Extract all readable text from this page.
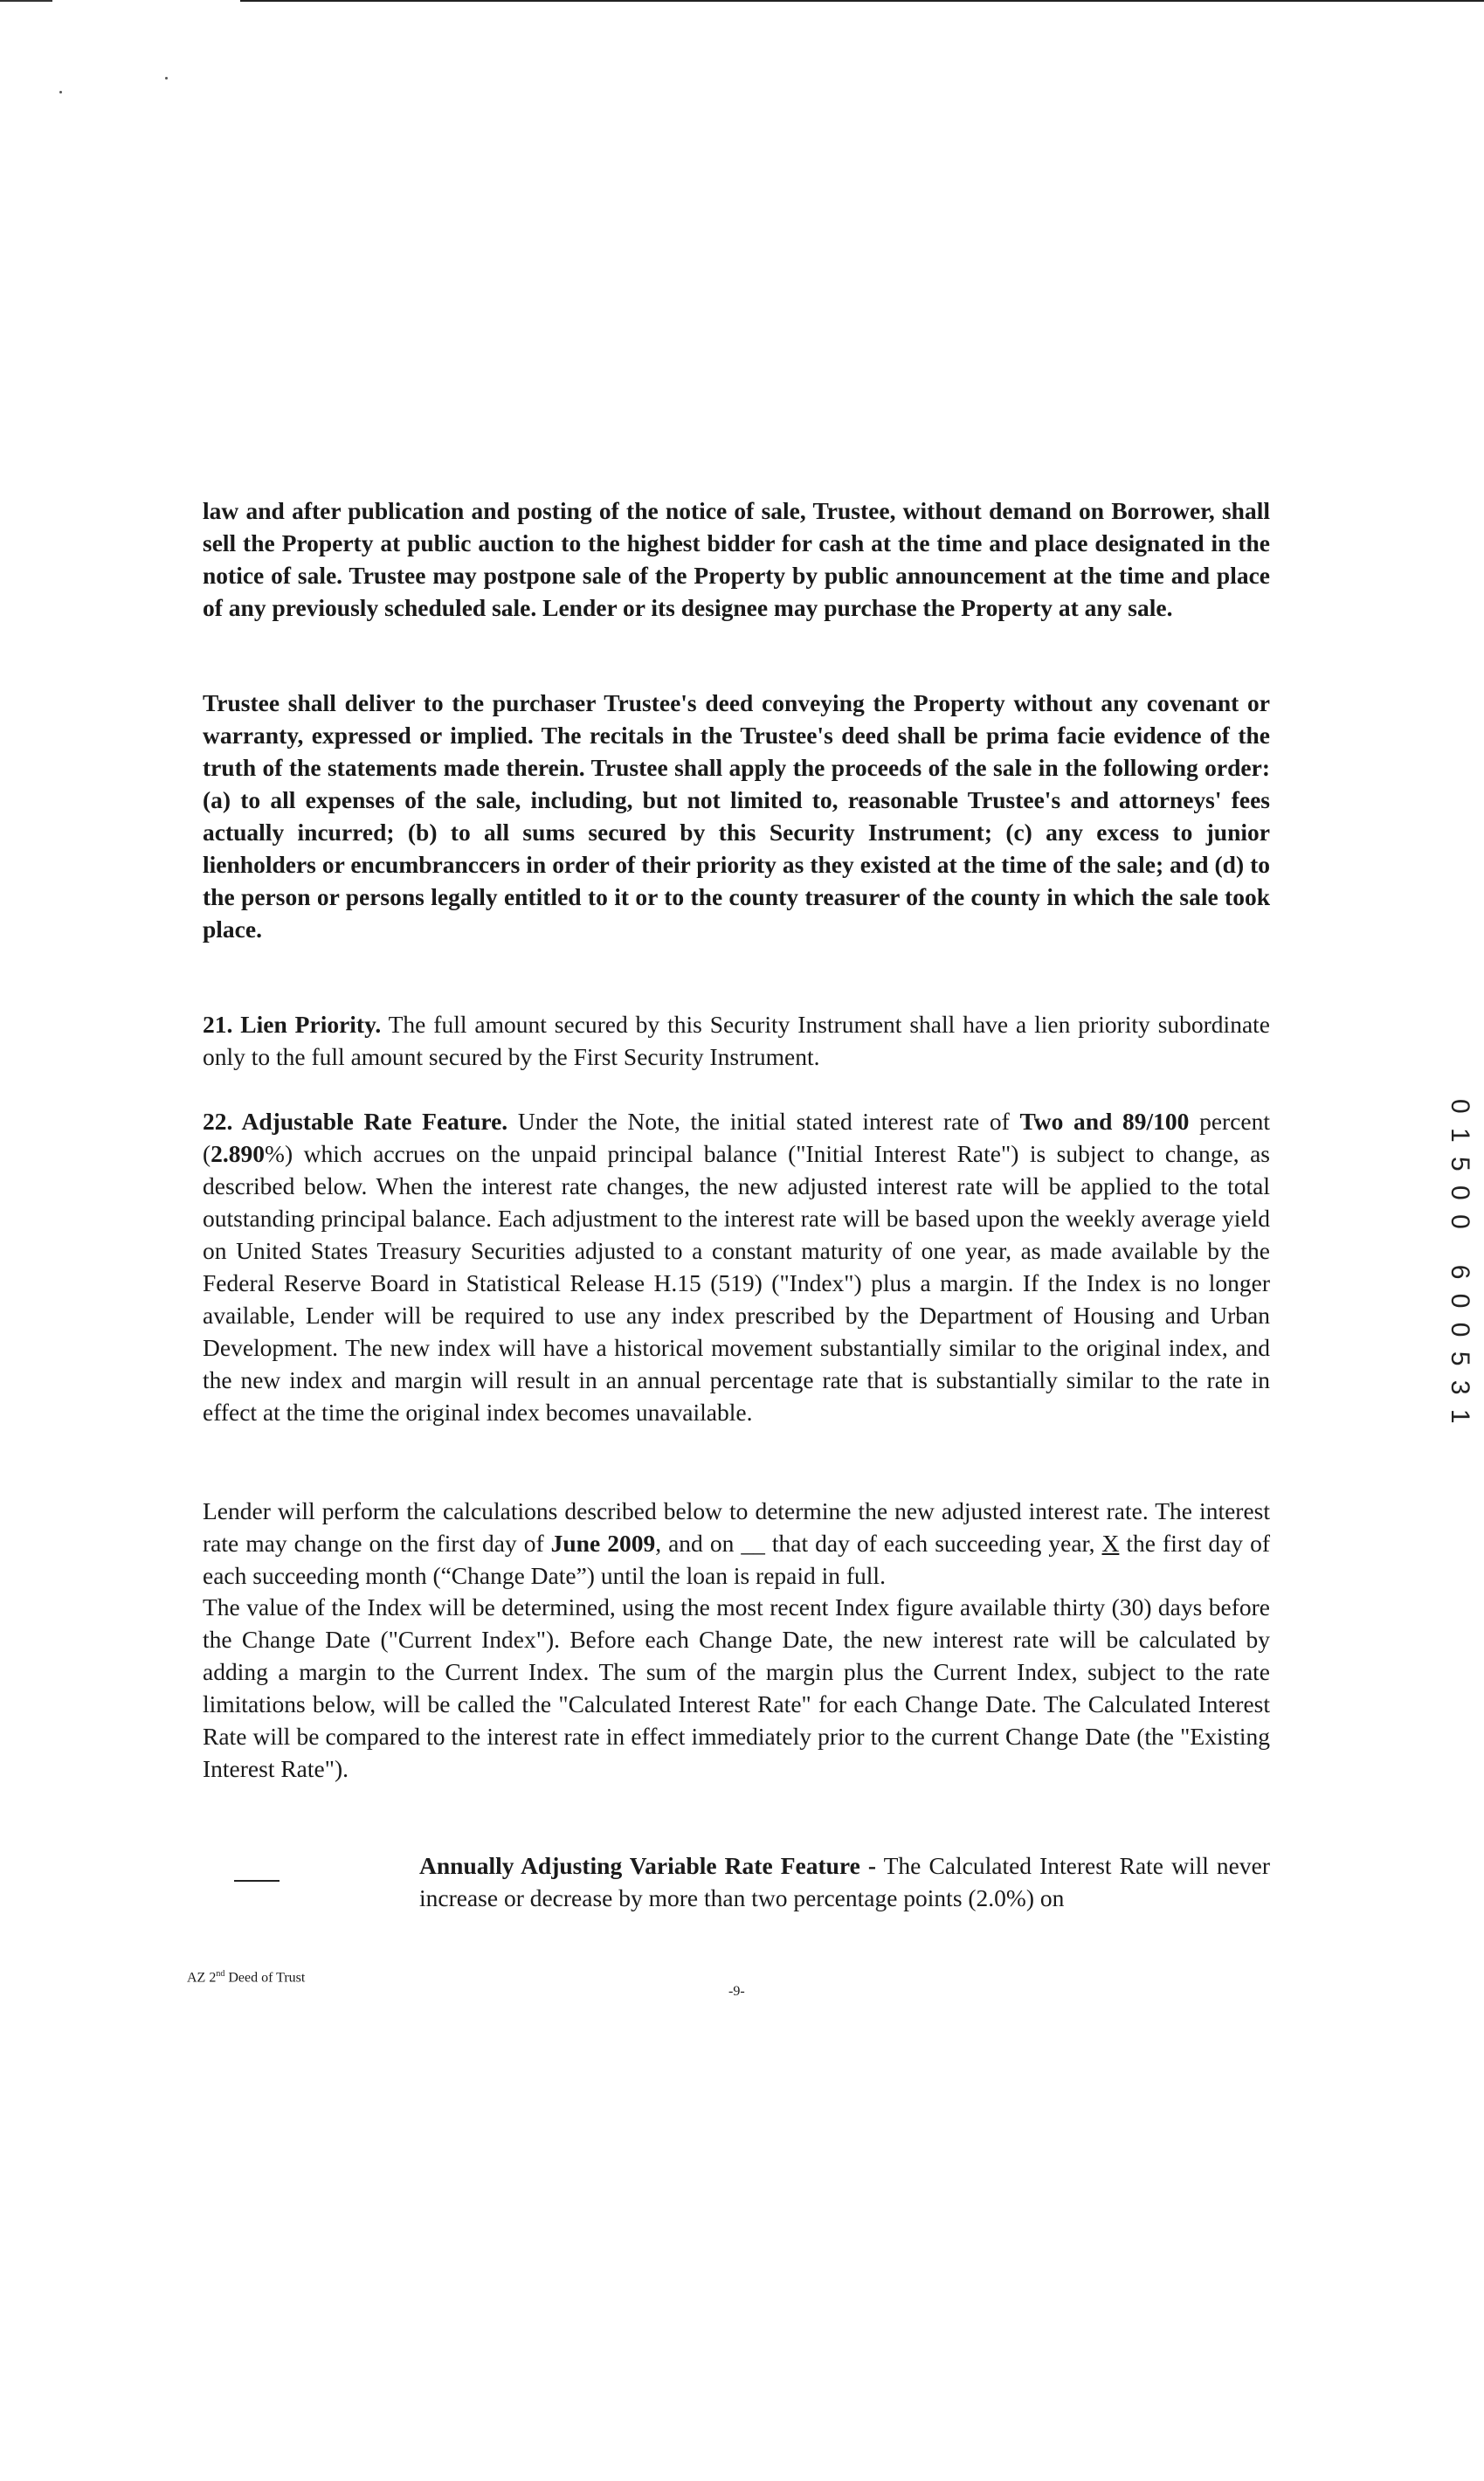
law and after publication and posting of the notice of sale, Trustee, without demand on Borrower, shall sell the Property at public auction to the highest bidder for cash at the time and place designated in the notice of sale. Trustee may postpone sale of the Property by public announcement at the time and place of any previously scheduled sale. Lender or its designee may purchase the Property at any sale.

Trustee shall deliver to the purchaser Trustee's deed conveying the Property without any covenant or warranty, expressed or implied. The recitals in the Trustee's deed shall be prima facie evidence of the truth of the statements made therein. Trustee shall apply the proceeds of the sale in the following order: (a) to all expenses of the sale, including, but not limited to, reasonable Trustee's and attorneys' fees actually incurred; (b) to all sums secured by this Security Instrument; (c) any excess to junior lienholders or encumbranccers in order of their priority as they existed at the time of the sale; and (d) to the person or persons legally entitled to it or to the county treasurer of the county in which the sale took place.

21. Lien Priority. The full amount secured by this Security Instrument shall have a lien priority subordinate only to the full amount secured by the First Security Instrument.

22. Adjustable Rate Feature. Under the Note, the initial stated interest rate of Two and 89/100 percent (2.890%) which accrues on the unpaid principal balance ("Initial Interest Rate") is subject to change, as described below. When the interest rate changes, the new adjusted interest rate will be applied to the total outstanding principal balance. Each adjustment to the interest rate will be based upon the weekly average yield on United States Treasury Securities adjusted to a constant maturity of one year, as made available by the Federal Reserve Board in Statistical Release H.15 (519) ("Index") plus a margin. If the Index is no longer available, Lender will be required to use any index prescribed by the Department of Housing and Urban Development. The new index will have a historical movement substantially similar to the original index, and the new index and margin will result in an annual percentage rate that is substantially similar to the rate in effect at the time the original index becomes unavailable.

Lender will perform the calculations described below to determine the new adjusted interest rate. The interest rate may change on the first day of June 2009, and on __ that day of each succeeding year, X the first day of each succeeding month (“Change Date”) until the loan is repaid in full.

The value of the Index will be determined, using the most recent Index figure available thirty (30) days before the Change Date ("Current Index"). Before each Change Date, the new interest rate will be calculated by adding a margin to the Current Index. The sum of the margin plus the Current Index, subject to the rate limitations below, will be called the "Calculated Interest Rate" for each Change Date. The Calculated Interest Rate will be compared to the interest rate in effect immediately prior to the current Change Date (the "Existing Interest Rate").

Annually Adjusting Variable Rate Feature - The Calculated Interest Rate will never increase or decrease by more than two percentage points (2.0%) on

AZ 2nd Deed of Trust
-9-
0 1 5 0 0   6 0 0 5 3 1
